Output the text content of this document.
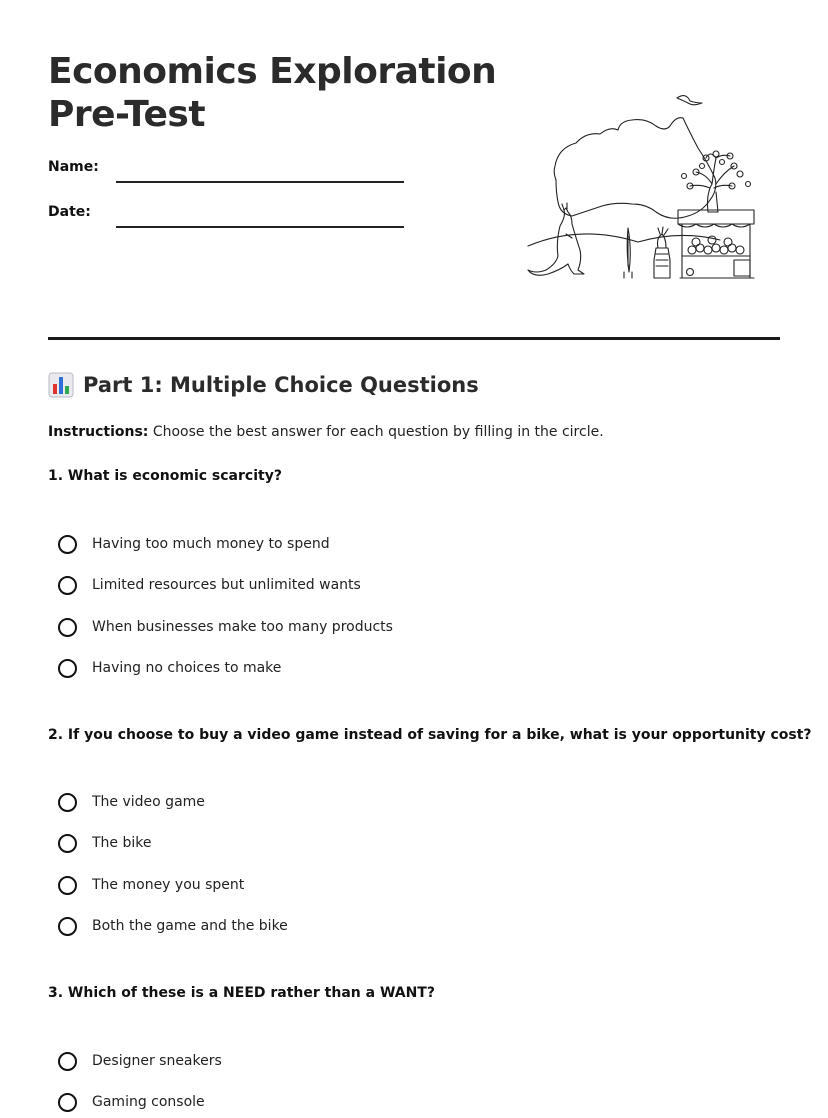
Economics Exploration
Pre-Test
Name:
Date:
Part 1: Multiple Choice Questions
Instructions: Choose the best answer for each question by filling in the circle.
1. What is economic scarcity?
Having too much money to spend
Limited resources but unlimited wants
When businesses make too many products
Having no choices to make
2. If you choose to buy a video game instead of saving for a bike, what is your opportunity cost?
The video game
The bike
The money you spent
Both the game and the bike
3. Which of these is a NEED rather than a WANT?
Designer sneakers
Gaming console
